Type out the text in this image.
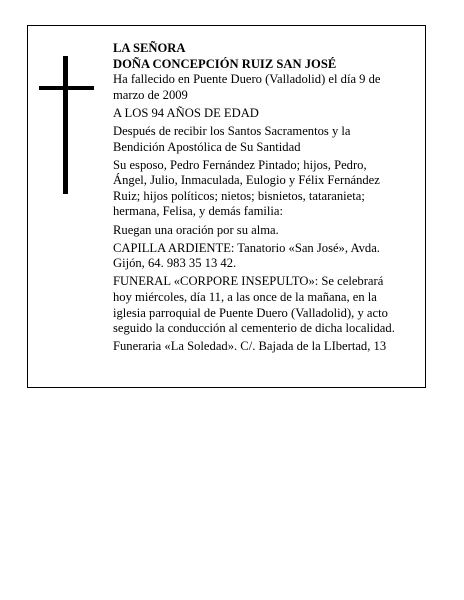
LA SEÑORA

DOÑA CONCEPCIÓN RUIZ SAN JOSÉ

Ha fallecido en Puente Duero (Valladolid) el día 9 de

marzo de 2009

A LOS 94 AÑOS DE EDAD

Después de recibir los Santos Sacramentos y la

Bendición Apostólica de Su Santidad

Su esposo, Pedro Fernández Pintado; hijos, Pedro,

Ángel, Julio, Inmaculada, Eulogio y Félix Fernández

Ruiz; hijos políticos; nietos; bisnietos, tataranieta;

hermana, Felisa, y demás familia:

Ruegan una oración por su alma.

CAPILLA ARDIENTE: Tanatorio «San José», Avda.

Gijón, 64. 983 35 13 42.

FUNERAL «CORPORE INSEPULTO»: Se celebrará

hoy miércoles, día 11, a las once de la mañana, en la

iglesia parroquial de Puente Duero (Valladolid), y acto

seguido la conducción al cementerio de dicha localidad.

Funeraria «La Soledad». C/. Bajada de la LIbertad, 13
